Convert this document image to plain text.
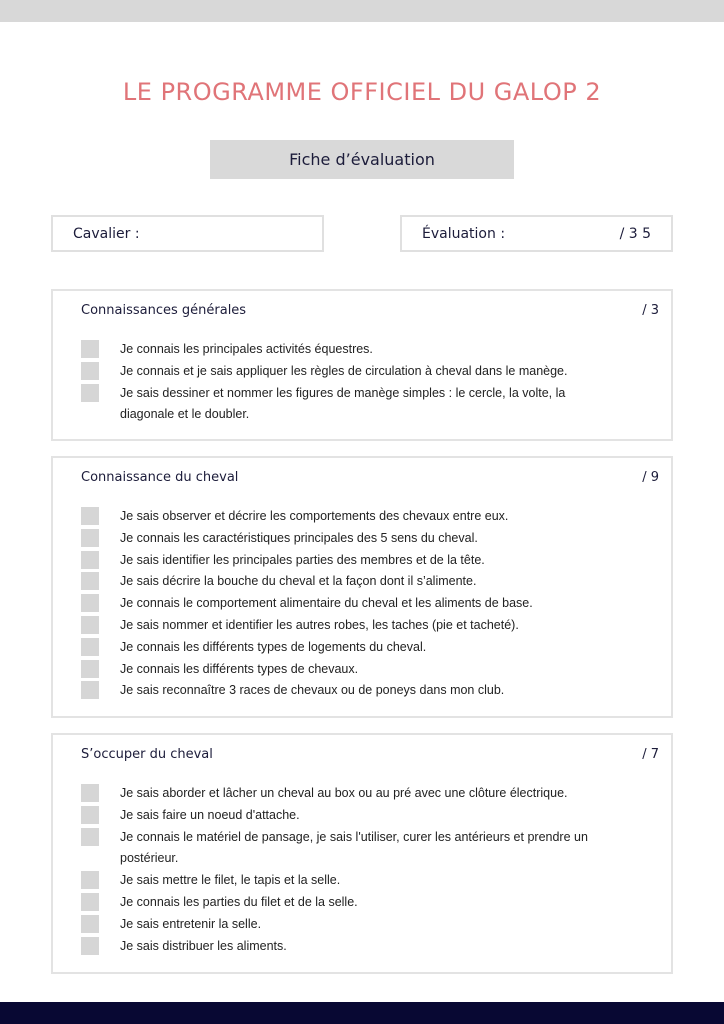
LE PROGRAMME OFFICIEL DU GALOP 2
Fiche d’évaluation
Cavalier :	Évaluation :	/ 3 5
Connaissances générales	/ 3
Je connais les principales activités équestres.
Je connais et je sais appliquer les règles de circulation à cheval dans le manège.
Je sais dessiner et nommer les figures de manège simples : le cercle, la volte, la diagonale et le doubler.
Connaissance du cheval	/ 9
Je sais observer et décrire les comportements des chevaux entre eux.
Je connais les caractéristiques principales des 5 sens du cheval.
Je sais identifier les principales parties des membres et de la tête.
Je sais décrire la bouche du cheval et la façon dont il s’alimente.
Je connais le comportement alimentaire du cheval et les aliments de base.
Je sais nommer et identifier les autres robes, les taches (pie et tacheté).
Je connais les différents types de logements du cheval.
Je connais les différents types de chevaux.
Je sais reconnaître 3 races de chevaux ou de poneys dans mon club.
S’occuper du cheval	/ 7
Je sais aborder et lâcher un cheval au box ou au pré avec une clôture électrique.
Je sais faire un noeud d'attache.
Je connais le matériel de pansage, je sais l'utiliser, curer les antérieurs et prendre un postérieur.
Je sais mettre le filet, le tapis et la selle.
Je connais les parties du filet et de la selle.
Je sais entretenir la selle.
Je sais distribuer les aliments.
